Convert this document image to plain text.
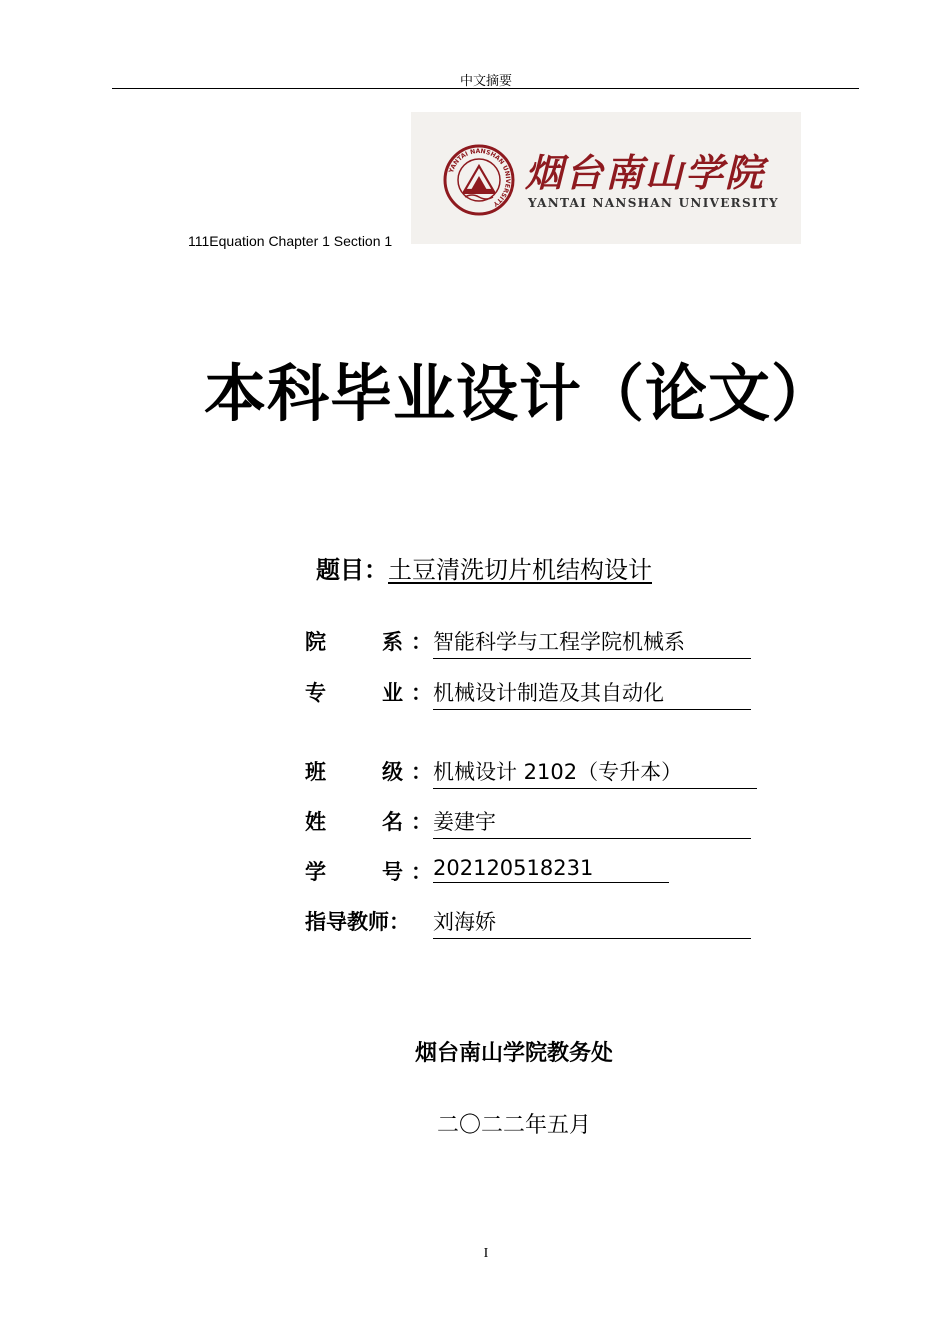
中文摘要
YANTAI NANSHAN UNIVERSITY
烟台南山学院
YANTAI NANSHAN UNIVERSITY
111Equation Chapter 1 Section 1
本科毕业设计（论文）
题目：土豆清洗切片机结构设计
院	系 ： 智能科学与工程学院机械系
专	业 ： 机械设计制造及其自动化
班	级 ： 机械设计 2102（专升本）
姓	名 ： 姜建宇
学	号 ： 202120518231
指导教师： 刘海娇
烟台南山学院教务处
二〇二二年五月
I
